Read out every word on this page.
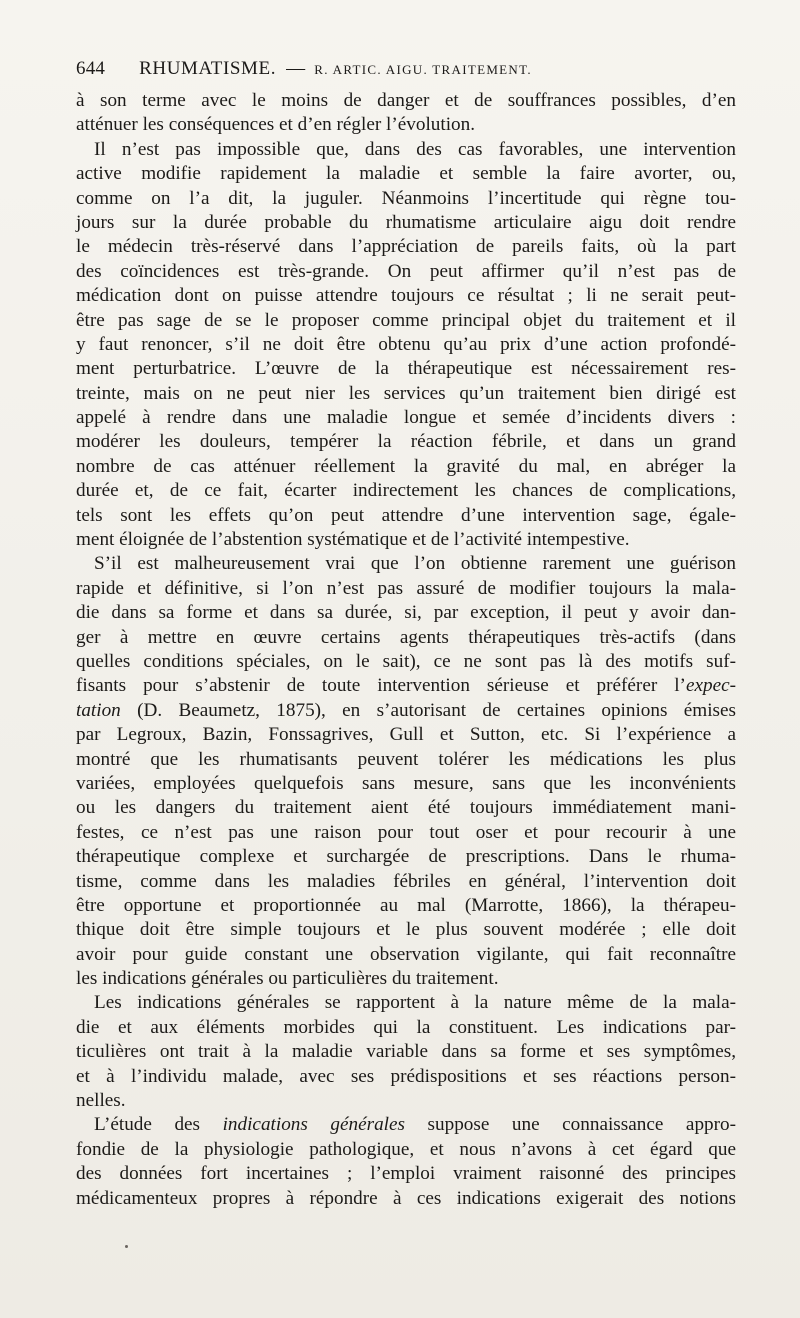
644 RHUMATISME. — R. ARTIC. AIGU. TRAITEMENT.
à son terme avec le moins de danger et de souffrances possibles, d’en
atténuer les conséquences et d’en régler l’évolution.
Il n’est pas impossible que, dans des cas favorables, une intervention
active modifie rapidement la maladie et semble la faire avorter, ou,
comme on l’a dit, la juguler. Néanmoins l’incertitude qui règne tou-
jours sur la durée probable du rhumatisme articulaire aigu doit rendre
le médecin très-réservé dans l’appréciation de pareils faits, où la part
des coïncidences est très-grande. On peut affirmer qu’il n’est pas de
médication dont on puisse attendre toujours ce résultat ; li ne serait peut-
être pas sage de se le proposer comme principal objet du traitement et il
y faut renoncer, s’il ne doit être obtenu qu’au prix d’une action profondé-
ment perturbatrice. L’œuvre de la thérapeutique est nécessairement res-
treinte, mais on ne peut nier les services qu’un traitement bien dirigé est
appelé à rendre dans une maladie longue et semée d’incidents divers :
modérer les douleurs, tempérer la réaction fébrile, et dans un grand
nombre de cas atténuer réellement la gravité du mal, en abréger la
durée et, de ce fait, écarter indirectement les chances de complications,
tels sont les effets qu’on peut attendre d’une intervention sage, égale-
ment éloignée de l’abstention systématique et de l’activité intempestive.
S’il est malheureusement vrai que l’on obtienne rarement une guérison
rapide et définitive, si l’on n’est pas assuré de modifier toujours la mala-
die dans sa forme et dans sa durée, si, par exception, il peut y avoir dan-
ger à mettre en œuvre certains agents thérapeutiques très-actifs (dans
quelles conditions spéciales, on le sait), ce ne sont pas là des motifs suf-
fisants pour s’abstenir de toute intervention sérieuse et préférer l’expec-
tation (D. Beaumetz, 1875), en s’autorisant de certaines opinions émises
par Legroux, Bazin, Fonssagrives, Gull et Sutton, etc. Si l’expérience a
montré que les rhumatisants peuvent tolérer les médications les plus
variées, employées quelquefois sans mesure, sans que les inconvénients
ou les dangers du traitement aient été toujours immédiatement mani-
festes, ce n’est pas une raison pour tout oser et pour recourir à une
thérapeutique complexe et surchargée de prescriptions. Dans le rhuma-
tisme, comme dans les maladies fébriles en général, l’intervention doit
être opportune et proportionnée au mal (Marrotte, 1866), la thérapeu-
thique doit être simple toujours et le plus souvent modérée ; elle doit
avoir pour guide constant une observation vigilante, qui fait reconnaître
les indications générales ou particulières du traitement.
Les indications générales se rapportent à la nature même de la mala-
die et aux éléments morbides qui la constituent. Les indications par-
ticulières ont trait à la maladie variable dans sa forme et ses symptômes,
et à l’individu malade, avec ses prédispositions et ses réactions person-
nelles.
L’étude des indications générales suppose une connaissance appro-
fondie de la physiologie pathologique, et nous n’avons à cet égard que
des données fort incertaines ; l’emploi vraiment raisonné des principes
médicamenteux propres à répondre à ces indications exigerait des notions
